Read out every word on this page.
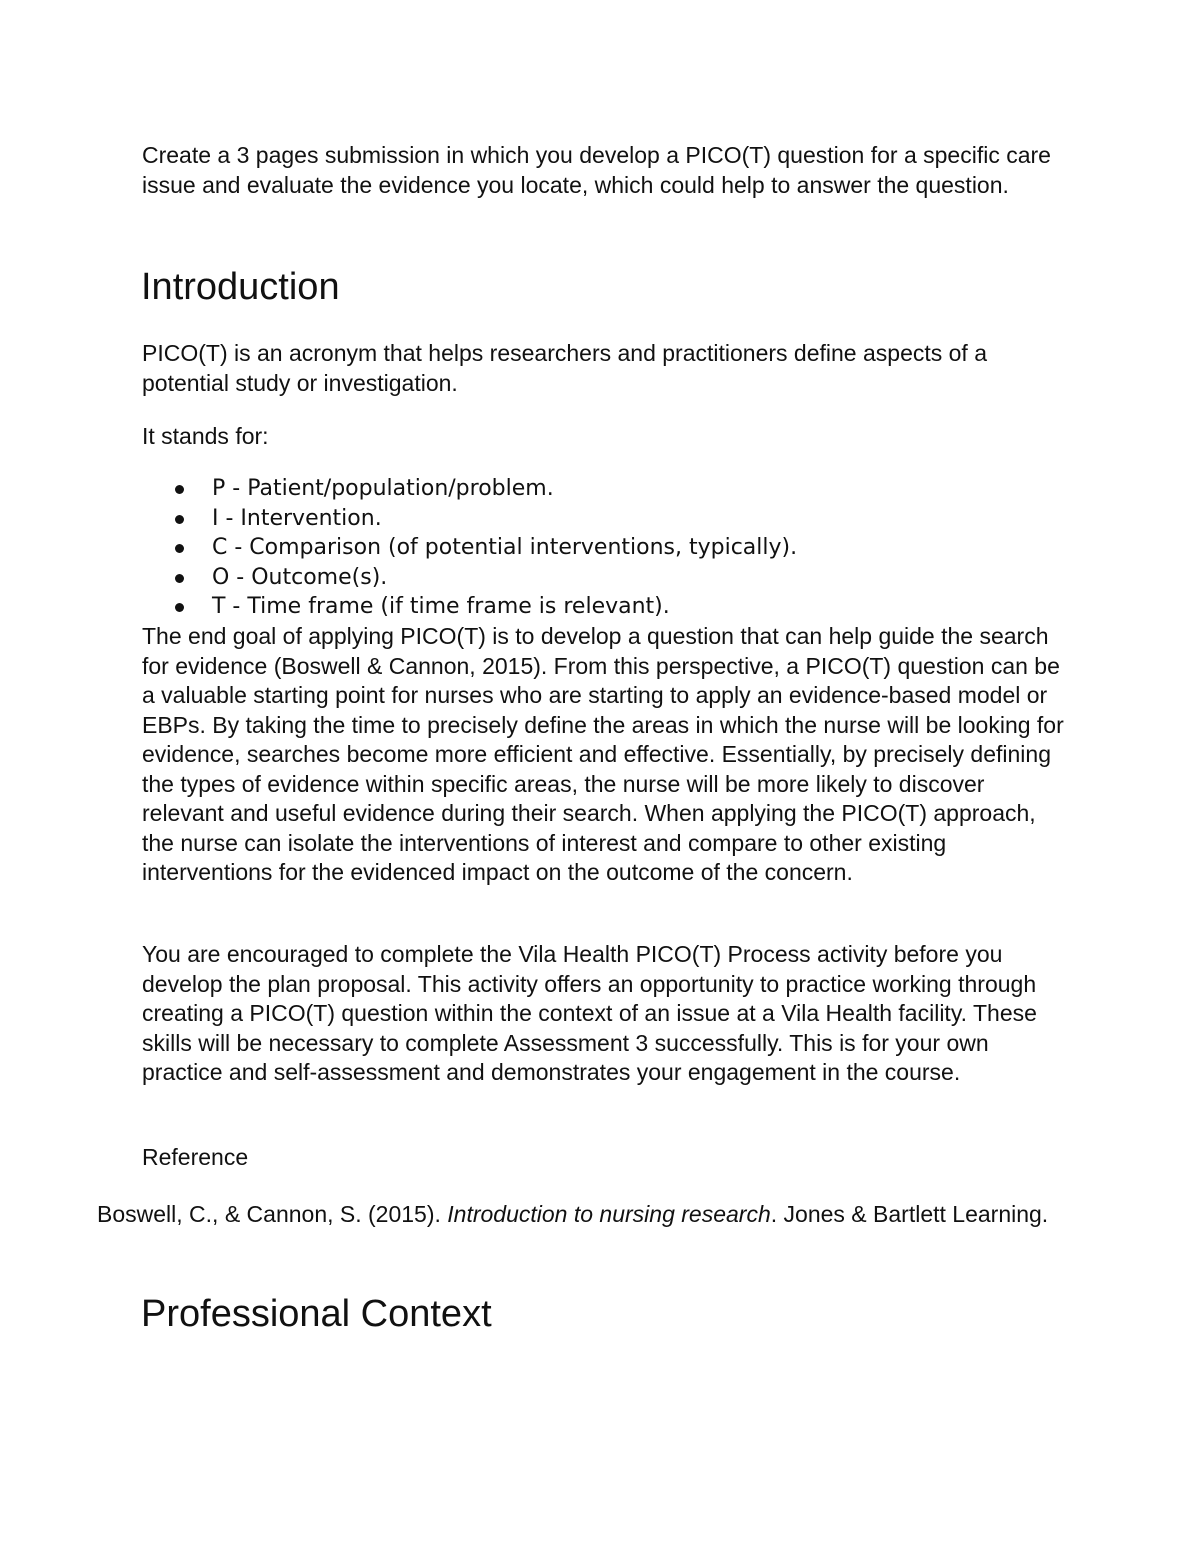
Create a 3 pages submission in which you develop a PICO(T) question for a specific care issue and evaluate the evidence you locate, which could help to answer the question.

Introduction

PICO(T) is an acronym that helps researchers and practitioners define aspects of a potential study or investigation.

It stands for:

P - Patient/population/problem.
I - Intervention.
C - Comparison (of potential interventions, typically).
O - Outcome(s).
T - Time frame (if time frame is relevant).

The end goal of applying PICO(T) is to develop a question that can help guide the search for evidence (Boswell & Cannon, 2015). From this perspective, a PICO(T) question can be a valuable starting point for nurses who are starting to apply an evidence-based model or EBPs. By taking the time to precisely define the areas in which the nurse will be looking for evidence, searches become more efficient and effective. Essentially, by precisely defining the types of evidence within specific areas, the nurse will be more likely to discover relevant and useful evidence during their search. When applying the PICO(T) approach, the nurse can isolate the interventions of interest and compare to other existing interventions for the evidenced impact on the outcome of the concern.

You are encouraged to complete the Vila Health PICO(T) Process activity before you develop the plan proposal. This activity offers an opportunity to practice working through creating a PICO(T) question within the context of an issue at a Vila Health facility. These skills will be necessary to complete Assessment 3 successfully. This is for your own practice and self-assessment and demonstrates your engagement in the course.

Reference

Boswell, C., & Cannon, S. (2015). Introduction to nursing research. Jones & Bartlett Learning.

Professional Context
